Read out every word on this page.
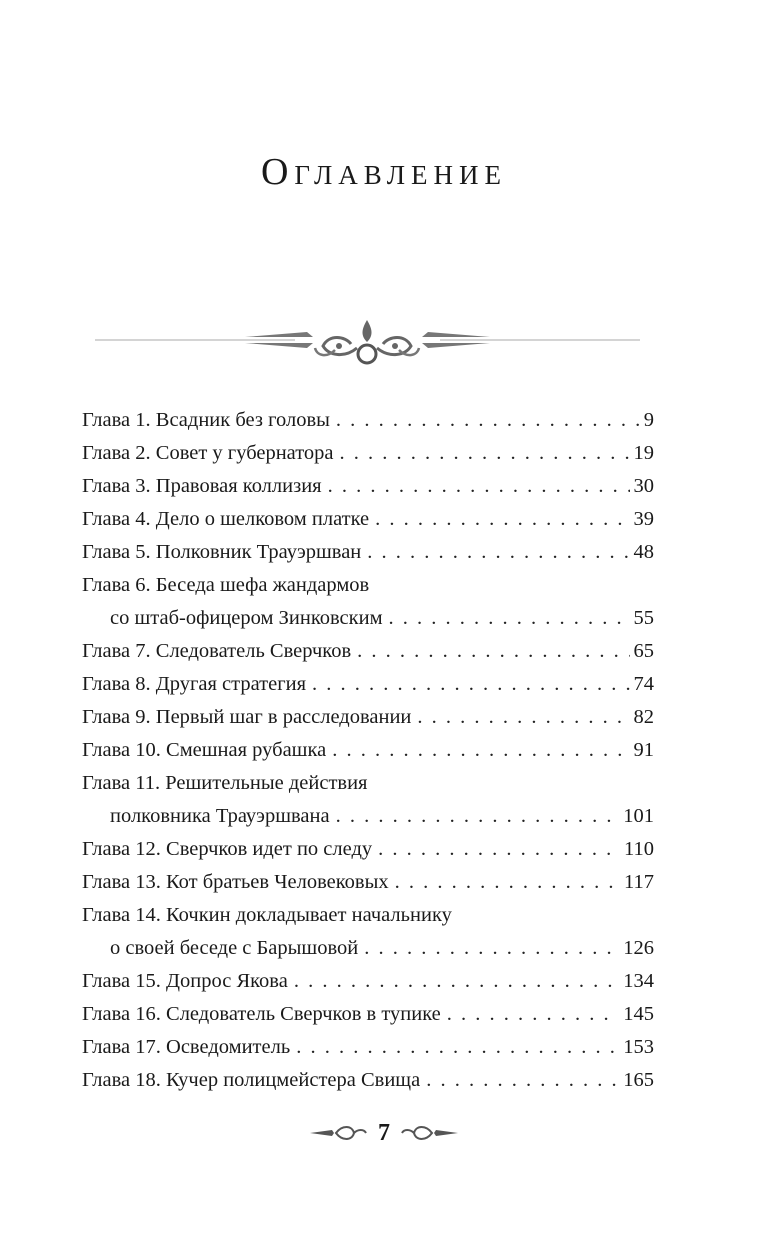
Оглавление
Глава 1. Всадник без головы . . .	9
Глава 2. Совет у губернатора . . .	19
Глава 3. Правовая коллизия . . .	30
Глава 4. Дело о шелковом платке . . .	39
Глава 5. Полковник Трауэршван . . .	48
Глава 6. Беседа шефа жандармов
со штаб-офицером Зинковским . . .	55
Глава 7. Следователь Сверчков . . .	65
Глава 8. Другая стратегия . . .	74
Глава 9. Первый шаг в расследовании . . .	82
Глава 10. Смешная рубашка . . .	91
Глава 11. Решительные действия
полковника Трауэршвана . . .	101
Глава 12. Сверчков идет по следу . . .	110
Глава 13. Кот братьев Человековых . . .	117
Глава 14. Кочкин докладывает начальнику
о своей беседе с Барышовой . . .	126
Глава 15. Допрос Якова . . .	134
Глава 16. Следователь Сверчков в тупике . . .	145
Глава 17. Осведомитель . . .	153
Глава 18. Кучер полицмейстера Свища . . .	165
7
